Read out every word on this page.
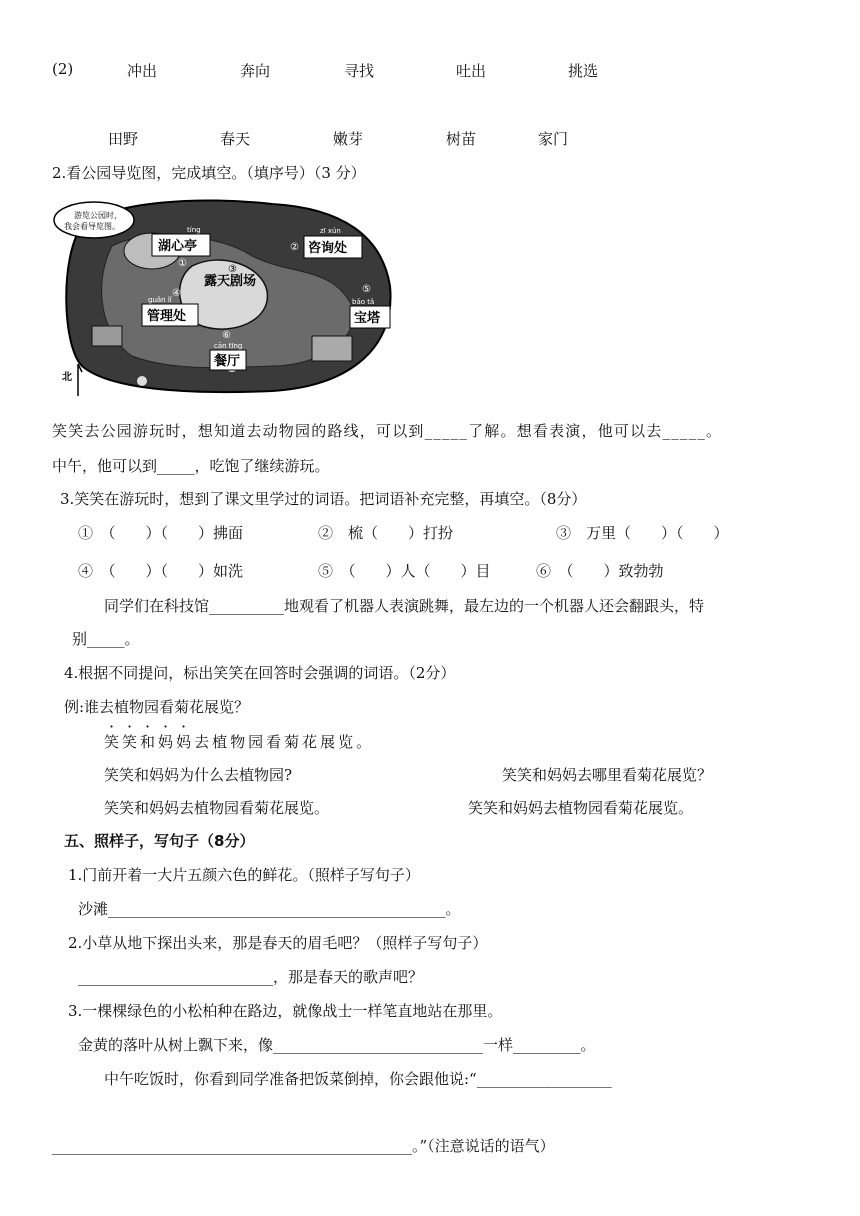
(2)	冲出	奔向	寻找	吐出	挑选
田野	春天	嫩芽	树苗	家门
2.看公园导览图，完成填空。（填序号）（3 分）
游览公园时，
我会看导览图。	tíng
湖心亭
①
zī xún
咨询处
②
露天剧场
③
guǎn lǐ
管理处
④
bǎo tǎ
宝塔
⑤
⑥
cān tīng
餐厅
北
笑笑去公园游玩时，想知道去动物园的路线，可以到_____了解。想看表演，他可以去_____。
中午，他可以到_____，吃饱了继续游玩。
3.笑笑在游玩时，想到了课文里学过的词语。把词语补充完整，再填空。（8分）
①　（　　）（　　）拂面	②　梳（　　）打扮	③　万里（　　）（　　）
④　（　　）（　　）如洗	⑤　（　　）人（　　）目	⑥　（　　）致勃勃
同学们在科技馆__________地观看了机器人表演跳舞，最左边的一个机器人还会翻跟头，特
别_____。
4.根据不同提问，标出笑笑在回答时会强调的词语。（2分）
例:谁去植物园看菊花展览？
笑笑和妈妈去植物园看菊花展览。
笑笑和妈妈为什么去植物园?	笑笑和妈妈去哪里看菊花展览？
笑笑和妈妈去植物园看菊花展览。	笑笑和妈妈去植物园看菊花展览。
五、照样子，写句子（8分）
1.门前开着一大片五颜六色的鲜花。（照样子写句子）
沙滩_____________________________________________。
2.小草从地下探出头来，那是春天的眉毛吧？（照样子写句子）
__________________________，那是春天的歌声吧？
3.一棵棵绿色的小松柏种在路边，就像战士一样笔直地站在那里。
金黄的落叶从树上飘下来，像____________________________一样_________。
中午吃饭时，你看到同学准备把饭菜倒掉，你会跟他说:“__________________
________________________________________________。”（注意说话的语气）
